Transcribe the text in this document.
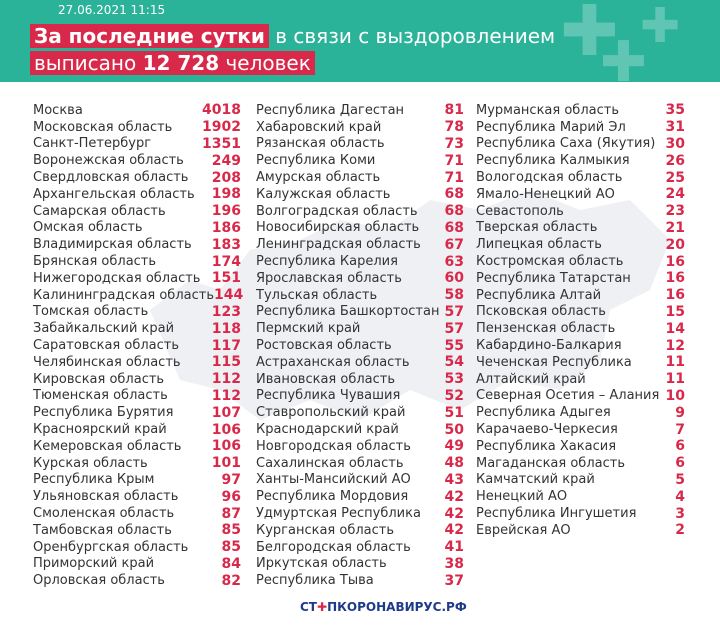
✚ ✚
✚
27.06.2021 11:15
За последние сутки в связи с выздоровлением
выписано 12 728 человек
Москва	4018
Московская область 1902
Санкт-Петербург	1351
Воронежская область 249
Свердловская область 208
Архангельская область 198
Самарская область	196
Омская область	186
Владимирская область 183
Брянская область	174
Нижегородская область 151
Калининградская область 144
Томская область	123
Забайкальский край	118
Саратовская область 117
Челябинская область 115
Кировская область	112
Тюменская область	112
Республика Бурятия	107
Красноярский край	106
Кемеровская область 106
Курская область	101
Республика Крым	97
Ульяновская область	96
Смоленская область	87
Тамбовская область	85
Оренбургская область 85
Приморский край	84
Орловская область	82
Республика Дагестан	81
Хабаровский край	78
Рязанская область	73
Республика Коми	71
Амурская область	71
Калужская область	68
Волгоградская область 68
Новосибирская область 68
Ленинградская область 67
Республика Карелия	63
Ярославская область	60
Тульская область	58
Республика Башкортостан 57
Пермский край	57
Ростовская область	55
Астраханская область 54
Ивановская область	53
Республика Чувашия	52
Ставропольский край	51
Краснодарский край	50
Новгородская область 49
Сахалинская область	48
Ханты-Мансийский АО 43
Республика Мордовия	42
Удмуртская Республика 42
Курганская область	42
Белгородская область 41
Иркутская область	38
Республика Тыва	37
Мурманская область	35
Республика Марий Эл	31
Республика Саха (Якутия) 30
Республика Калмыкия	26
Вологодская область	25
Ямало-Ненецкий АО	24
Севастополь	23
Тверская область	21
Липецкая область	20
Костромская область	16
Республика Татарстан 16
Республика Алтай	16
Псковская область	15
Пензенская область	14
Кабардино-Балкария	12
Чеченская Республика 11
Алтайский край	11
Северная Осетия – Алания 10
Республика Адыгея	9
Карачаево-Черкесия	7
Республика Хакасия	6
Магаданская область	6
Камчатский край	5
Ненецкий АО	4
Республика Ингушетия	3
Еврейская АО	2
СТ✚ПКОРОНАВИРУС.РФ
